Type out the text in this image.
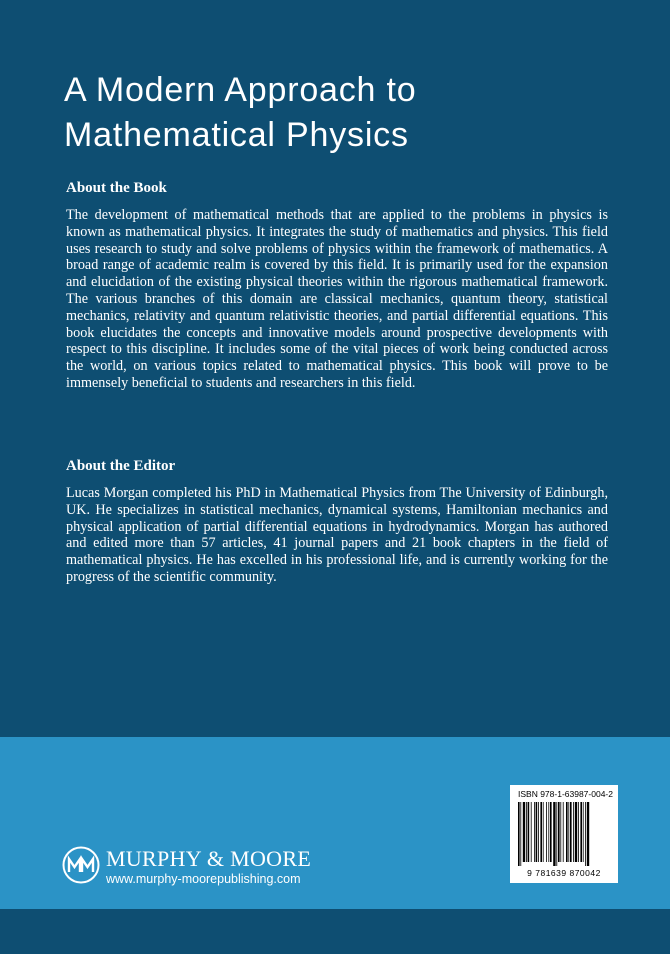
A Modern Approach to Mathematical Physics
About the Book

The development of mathematical methods that are applied to the problems in physics is known as mathematical physics. It integrates the study of mathematics and physics. This field uses research to study and solve problems of physics within the framework of mathematics. A broad range of academic realm is covered by this field. It is primarily used for the expansion and elucidation of the existing physical theories within the rigorous mathematical framework. The various branches of this domain are classical mechanics, quantum theory, statistical mechanics, relativity and quantum relativistic theories, and partial differential equations. This book elucidates the concepts and innovative models around prospective developments with respect to this discipline. It includes some of the vital pieces of work being conducted across the world, on various topics related to mathematical physics. This book will prove to be immensely beneficial to students and researchers in this field.

About the Editor

Lucas Morgan completed his PhD in Mathematical Physics from The University of Edinburgh, UK. He specializes in statistical mechanics, dynamical systems, Hamiltonian mechanics and physical application of partial differential equations in hydrodynamics. Morgan has authored and edited more than 57 articles, 41 journal papers and 21 book chapters in the field of mathematical physics. He has excelled in his professional life, and is currently working for the progress of the scientific community.

MURPHY & MOORE
www.murphy-moorepublishing.com
ISBN 978-1-63987-004-2
9 781639 870042
